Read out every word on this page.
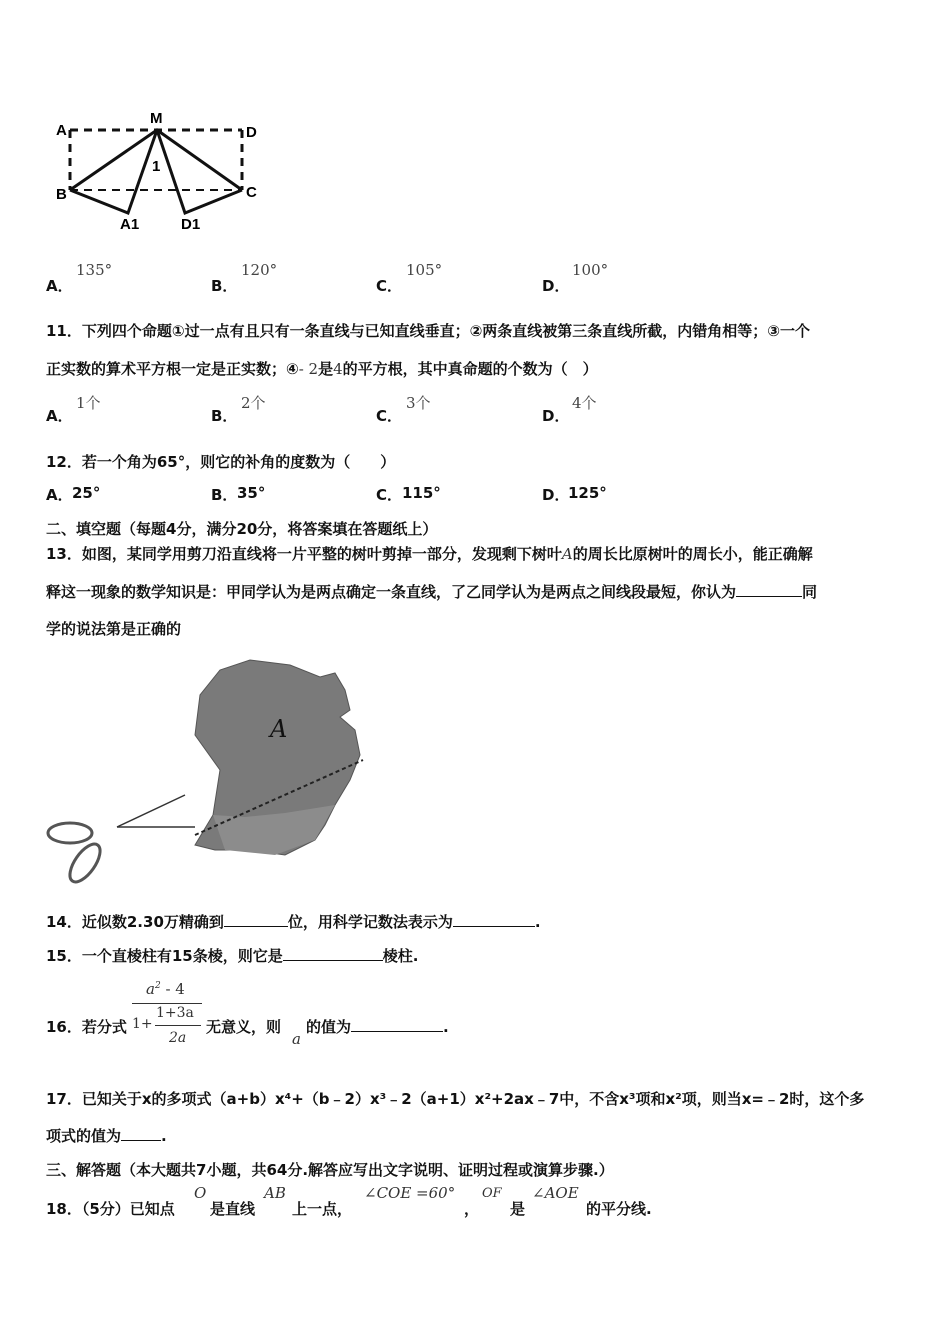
A
M
D
B	C
A1	D1
1
A．
135°
B．
120°
C．
105°
D．
100°
11．下列四个命题①过一点有且只有一条直线与已知直线垂直；②两条直线被第三条直线所截，内错角相等；③一个
正实数的算术平方根一定是正实数；④- 2是4的平方根，其中真命题的个数为（　）
A．
1个
B．
2个
C．
3个
D．
4个
12．若一个角为65°，则它的补角的度数为（　　）
A． 25°	B． 35°	C． 115°	D．
125°
二、填空题（每题4分，满分20分，将答案填在答题纸上）
13．如图，某同学用剪刀沿直线将一片平整的树叶剪掉一部分，发现剩下树叶A的周长比原树叶的周长小，能正确解
释这一现象的数学知识是：甲同学认为是两点确定一条直线，了乙同学认为是两点之间线段最短，你认为	同
学的说法第是正确的
A
14．近似数2.30万精确到	位，用科学记数法表示为	.
15．一个直棱柱有15条棱，则它是	棱柱.
16．若分式
$a^2 - 4$
1+
1+3a
2a
无意义，则
a
的值为	.
17．已知关于x的多项式（a+b）x⁴+（b﹣2）x³﹣2（a+1）x²+2ax﹣7中，不含x³项和x²项，则当x=﹣2时，这个多
项式的值为	.
三、解答题（本大题共7小题，共64分.解答应写出文字说明、证明过程或演算步骤.）
18．（5分）已知点
O
是直线
AB
上一点，
∠COE =60°
，
OF
是
∠AOE
的平分线.
